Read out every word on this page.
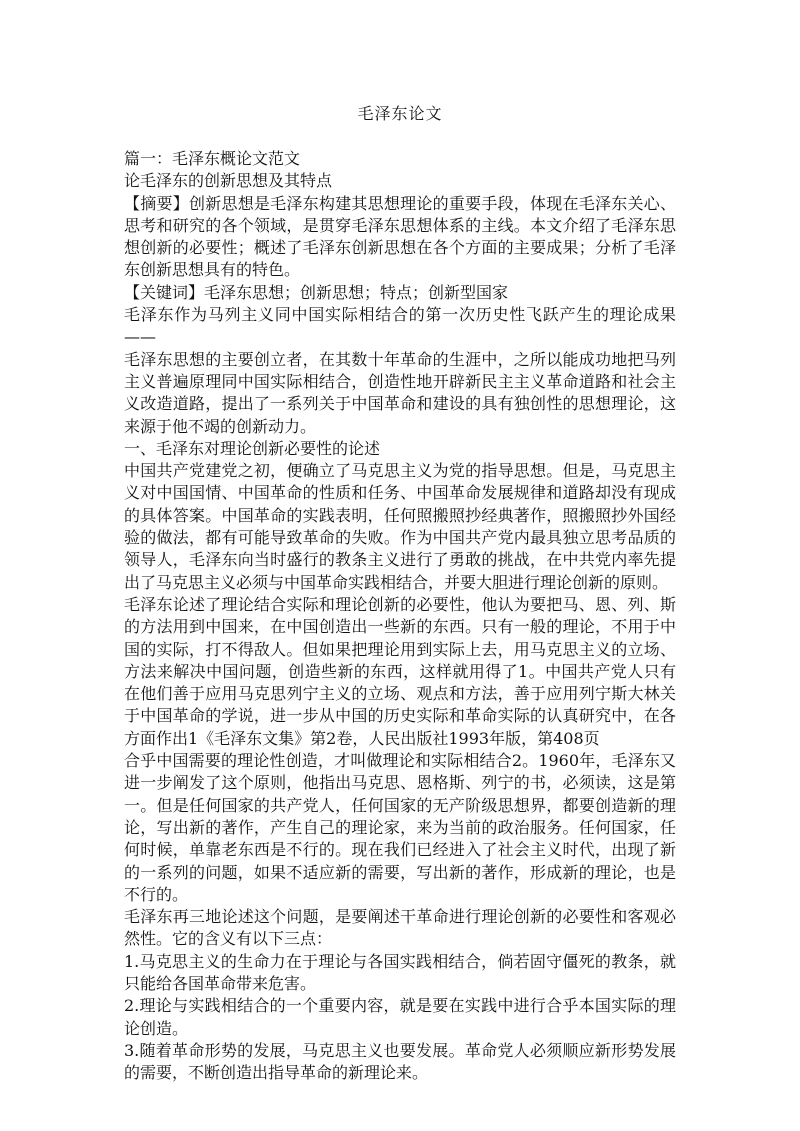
毛泽东论文

篇一：毛泽东概论文范文

论毛泽东的创新思想及其特点

【摘要】创新思想是毛泽东构建其思想理论的重要手段，体现在毛泽东关心、思考和研究的各个领域，是贯穿毛泽东思想体系的主线。本文介绍了毛泽东思想创新的必要性；概述了毛泽东创新思想在各个方面的主要成果；分析了毛泽东创新思想具有的特色。

【关键词】毛泽东思想；创新思想；特点；创新型国家

毛泽东作为马列主义同中国实际相结合的第一次历史性飞跃产生的理论成果——

毛泽东思想的主要创立者，在其数十年革命的生涯中，之所以能成功地把马列主义普遍原理同中国实际相结合，创造性地开辟新民主主义革命道路和社会主义改造道路，提出了一系列关于中国革命和建设的具有独创性的思想理论，这来源于他不竭的创新动力。

一、毛泽东对理论创新必要性的论述

中国共产党建党之初，便确立了马克思主义为党的指导思想。但是，马克思主义对中国国情、中国革命的性质和任务、中国革命发展规律和道路却没有现成的具体答案。中国革命的实践表明，任何照搬照抄经典著作，照搬照抄外国经验的做法，都有可能导致革命的失败。作为中国共产党内最具独立思考品质的领导人，毛泽东向当时盛行的教条主义进行了勇敢的挑战，在中共党内率先提出了马克思主义必须与中国革命实践相结合，并要大胆进行理论创新的原则。

毛泽东论述了理论结合实际和理论创新的必要性，他认为要把马、恩、列、斯的方法用到中国来，在中国创造出一些新的东西。只有一般的理论，不用于中国的实际，打不得敌人。但如果把理论用到实际上去，用马克思主义的立场、方法来解决中国问题，创造些新的东西，这样就用得了1。中国共产党人只有在他们善于应用马克思列宁主义的立场、观点和方法，善于应用列宁斯大林关于中国革命的学说，进一步从中国的历史实际和革命实际的认真研究中，在各方面作出1《毛泽东文集》第2卷，人民出版社1993年版，第408页

合乎中国需要的理论性创造，才叫做理论和实际相结合2。1960年，毛泽东又进一步阐发了这个原则，他指出马克思、恩格斯、列宁的书，必须读，这是第一。但是任何国家的共产党人，任何国家的无产阶级思想界，都要创造新的理论，写出新的著作，产生自己的理论家，来为当前的政治服务。任何国家，任何时候，单靠老东西是不行的。现在我们已经进入了社会主义时代，出现了新的一系列的问题，如果不适应新的需要，写出新的著作，形成新的理论，也是不行的。

毛泽东再三地论述这个问题，是要阐述干革命进行理论创新的必要性和客观必然性。它的含义有以下三点：

1.马克思主义的生命力在于理论与各国实践相结合，倘若固守僵死的教条，就只能给各国革命带来危害。

2.理论与实践相结合的一个重要内容，就是要在实践中进行合乎本国实际的理论创造。

3.随着革命形势的发展，马克思主义也要发展。革命党人必须顺应新形势发展的需要，不断创造出指导革命的新理论来。
